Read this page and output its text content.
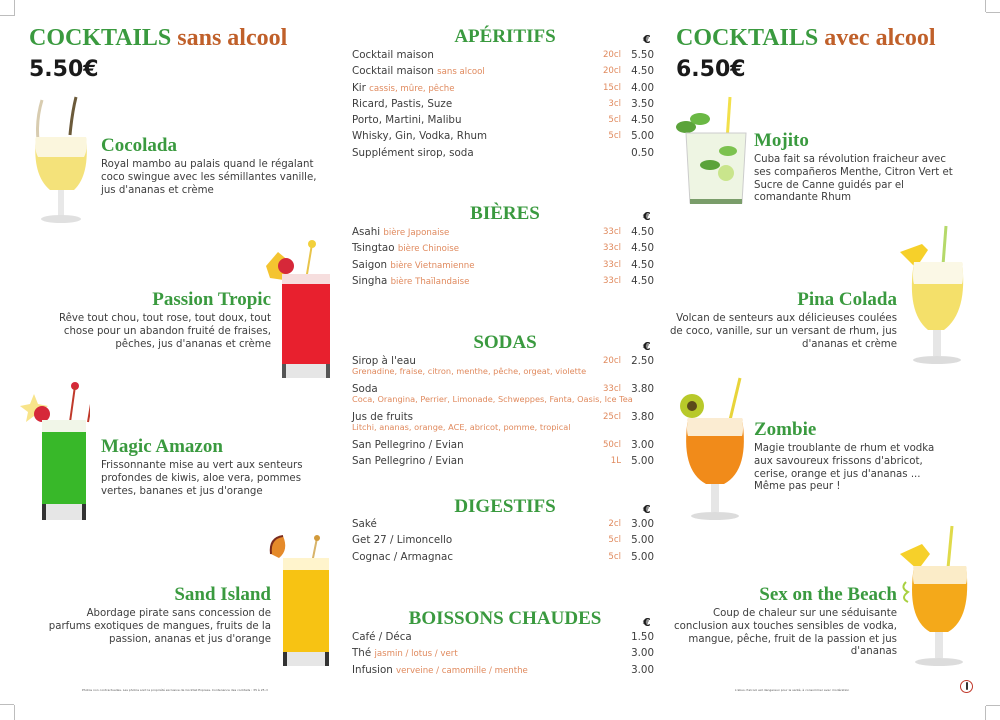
COCKTAILS sans alcool
5.50€
Cocolada
Royal mambo au palais quand le régalant coco swingue avec les sémillantes vanille, jus d'ananas et crème
Passion Tropic
Rêve tout chou, tout rose, tout doux, tout chose pour un abandon fruité de fraises, pêches, jus d'ananas et crème
Magic Amazon
Frissonnante mise au vert aux senteurs profondes de kiwis, aloe vera, pommes vertes, bananes et jus d'orange
Sand Island
Abordage pirate sans concession de parfums exotiques de mangues, fruits de la passion, ananas et jus d'orange
Photos non contractuelles. Les photos sont la propriété exclusive de Cocktail Express. Contenance des cocktails : 35 à 25 cl
APÉRITIFS	€
Cocktail maison	20cl 5.50
Cocktail maison sans alcool	20cl 4.50
Kir cassis, mûre, pêche	15cl 4.00
Ricard, Pastis, Suze	3cl 3.50
Porto, Martini, Malibu	5cl 4.50
Whisky, Gin, Vodka, Rhum	5cl 5.00
Supplément sirop, soda	0.50
BIÈRES	€
Asahi bière Japonaise	33cl 4.50
Tsingtao bière Chinoise	33cl 4.50
Saigon bière Vietnamienne	33cl 4.50
Singha bière Thaïlandaise	33cl 4.50
SODAS	€
Sirop à l'eau	20cl 2.50
Grenadine, fraise, citron, menthe, pêche, orgeat, violette
Soda	33cl 3.80
Coca, Orangina, Perrier, Limonade, Schweppes, Fanta, Oasis, Ice Tea
Jus de fruits	25cl 3.80
Litchi, ananas, orange, ACE, abricot, pomme, tropical
San Pellegrino / Evian	50cl 3.00
San Pellegrino / Evian	1L 5.00
DIGESTIFS	€
Saké	2cl 3.00
Get 27 / Limoncello	5cl 5.00
Cognac / Armagnac	5cl 5.00
BOISSONS CHAUDES	€
Café / Déca	1.50
Thé jasmin / lotus / vert	3.00
Infusion verveine / camomille / menthe	3.00
COCKTAILS avec alcool
6.50€
Mojito
Cuba fait sa révolution fraicheur avec ses compañeros Menthe, Citron Vert et Sucre de Canne guidés par el comandante Rhum
Pina Colada
Volcan de senteurs aux délicieuses coulées de coco, vanille, sur un versant de rhum, jus d'ananas et crème
Zombie
Magie troublante de rhum et vodka aux savoureux frissons d'abricot, cerise, orange et jus d'ananas ... Même pas peur !
Sex on the Beach
Coup de chaleur sur une séduisante conclusion aux touches sensibles de vodka, mangue, pêche, fruit de la passion et jus d'ananas
L'abus d'alcool est dangereux pour la santé, à consommer avec modération
